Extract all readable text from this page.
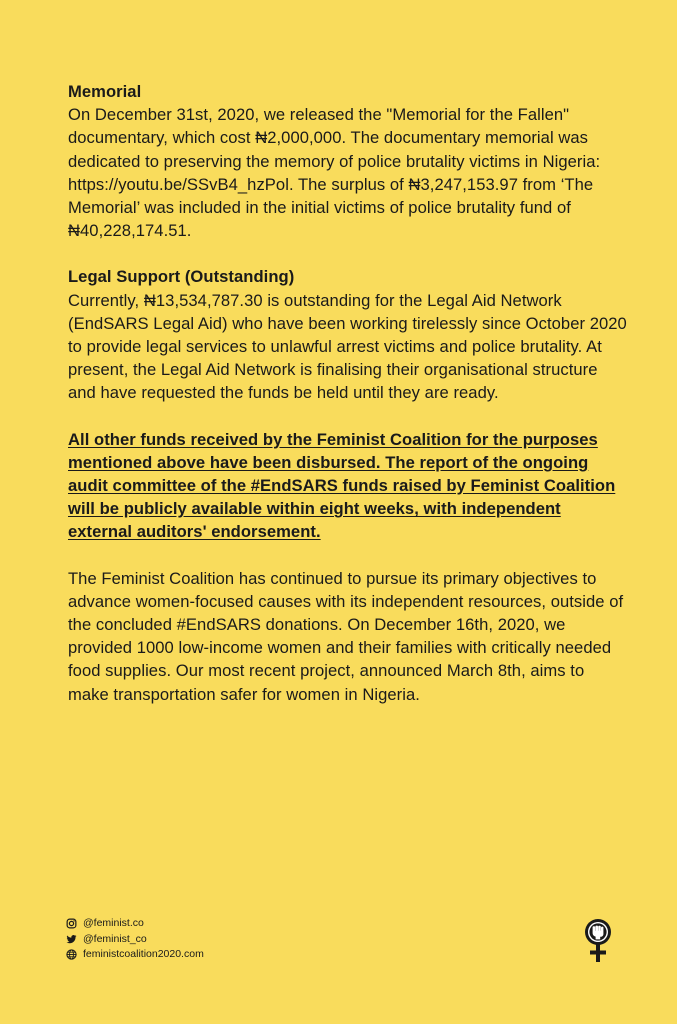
Memorial

On December 31st, 2020, we released the "Memorial for the Fallen" documentary, which cost ₦2,000,000. The documentary memorial was dedicated to preserving the memory of police brutality victims in Nigeria: https://youtu.be/SSvB4_hzPol. The surplus of ₦3,247,153.97 from ‘The Memorial’ was included in the initial victims of police brutality fund of ₦40,228,174.51.

Legal Support (Outstanding)

Currently, ₦13,534,787.30 is outstanding for the Legal Aid Network (EndSARS Legal Aid) who have been working tirelessly since October 2020 to provide legal services to unlawful arrest victims and police brutality. At present, the Legal Aid Network is finalising their organisational structure and have requested the funds be held until they are ready.

All other funds received by the Feminist Coalition for the purposes mentioned above have been disbursed. The report of the ongoing audit committee of the #EndSARS funds raised by Feminist Coalition will be publicly available within eight weeks, with independent external auditors' endorsement.

The Feminist Coalition has continued to pursue its primary objectives to advance women-focused causes with its independent resources, outside of the concluded #EndSARS donations. On December 16th, 2020, we provided 1000 low-income women and their families with critically needed food supplies. Our most recent project, announced March 8th, aims to make transportation safer for women in Nigeria.

@feminist.co
@feminist_co
feministcoalition2020.com
